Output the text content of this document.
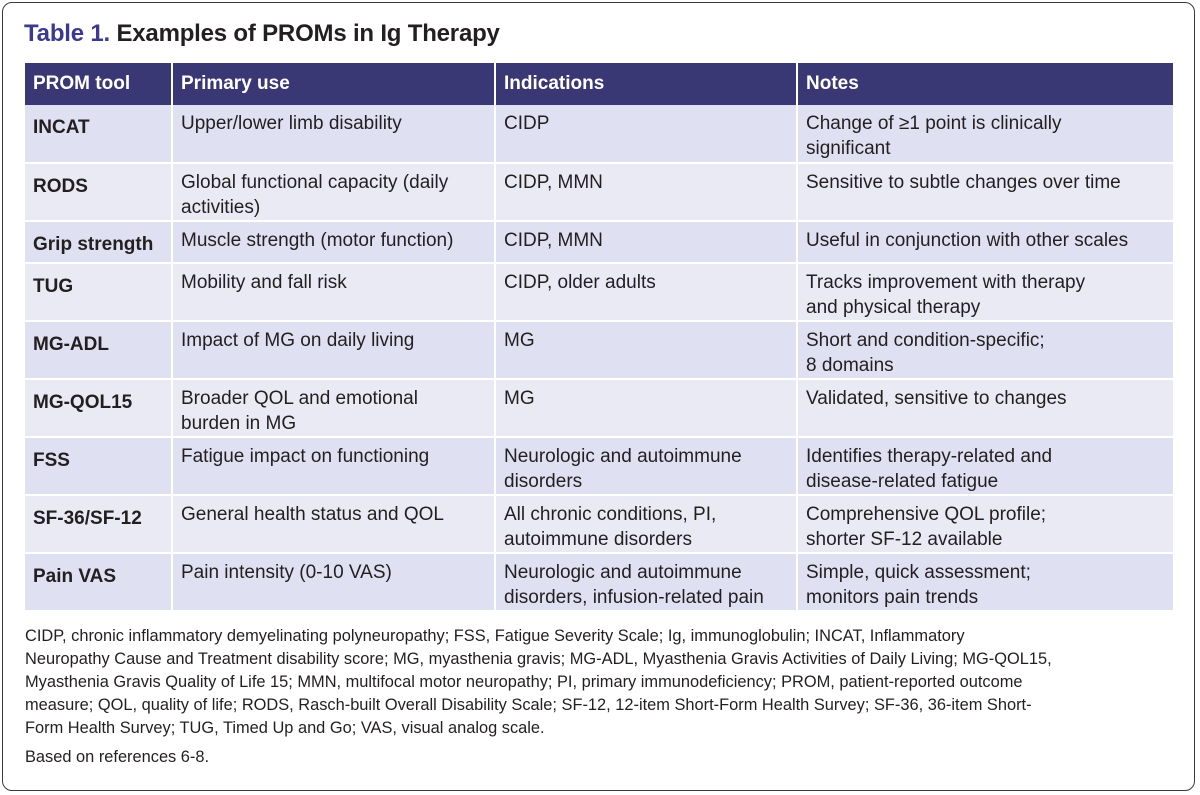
Table 1. Examples of PROMs in Ig Therapy
PROM tool	Primary use	Indications	Notes
INCAT	Upper/lower limb disability	CIDP	Change of ≥1 point is clinically
significant
RODS	Global functional capacity (daily
activities)	CIDP, MMN	Sensitive to subtle changes over time
Grip strength	Muscle strength (motor function)	CIDP, MMN	Useful in conjunction with other scales
TUG	Mobility and fall risk	CIDP, older adults	Tracks improvement with therapy
and physical therapy
MG-ADL	Impact of MG on daily living	MG	Short and condition-specific;
8 domains
MG-QOL15	Broader QOL and emotional
burden in MG	MG	Validated, sensitive to changes
FSS	Fatigue impact on functioning	Neurologic and autoimmune
disorders	Identifies therapy-related and
disease-related fatigue
SF-36/SF-12	General health status and QOL	All chronic conditions, PI,
autoimmune disorders	Comprehensive QOL profile;
shorter SF-12 available
Pain VAS	Pain intensity (0-10 VAS)	Neurologic and autoimmune
disorders, infusion-related pain	Simple, quick assessment;
monitors pain trends
CIDP, chronic inflammatory demyelinating polyneuropathy; FSS, Fatigue Severity Scale; Ig, immunoglobulin; INCAT, Inflammatory
Neuropathy Cause and Treatment disability score; MG, myasthenia gravis; MG-ADL, Myasthenia Gravis Activities of Daily Living; MG-QOL15,
Myasthenia Gravis Quality of Life 15; MMN, multifocal motor neuropathy; PI, primary immunodeficiency; PROM, patient-reported outcome
measure; QOL, quality of life; RODS, Rasch-built Overall Disability Scale; SF-12, 12-item Short-Form Health Survey; SF-36, 36-item Short-
Form Health Survey; TUG, Timed Up and Go; VAS, visual analog scale.
Based on references 6-8.
